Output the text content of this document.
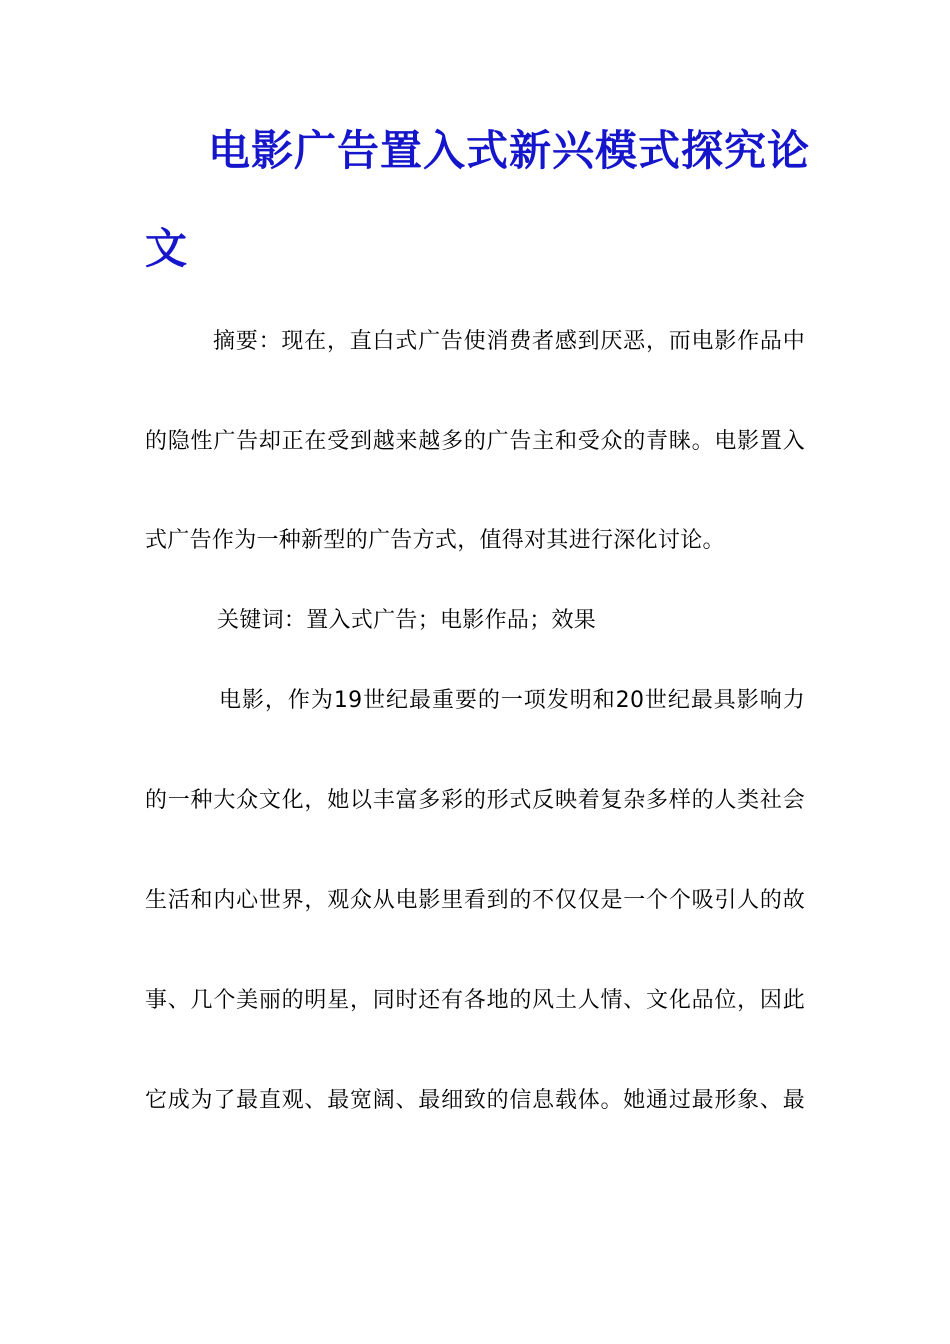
电影广告置入式新兴模式探究论
文
摘要：现在，直白式广告使消费者感到厌恶，而电影作品中
的隐性广告却正在受到越来越多的广告主和受众的青睐。电影置入
式广告作为一种新型的广告方式，值得对其进行深化讨论。
关键词：置入式广告；电影作品；效果
电影，作为19世纪最重要的一项发明和20世纪最具影响力
的一种大众文化，她以丰富多彩的形式反映着复杂多样的人类社会
生活和内心世界，观众从电影里看到的不仅仅是一个个吸引人的故
事、几个美丽的明星，同时还有各地的风土人情、文化品位，因此
它成为了最直观、最宽阔、最细致的信息载体。她通过最形象、最
